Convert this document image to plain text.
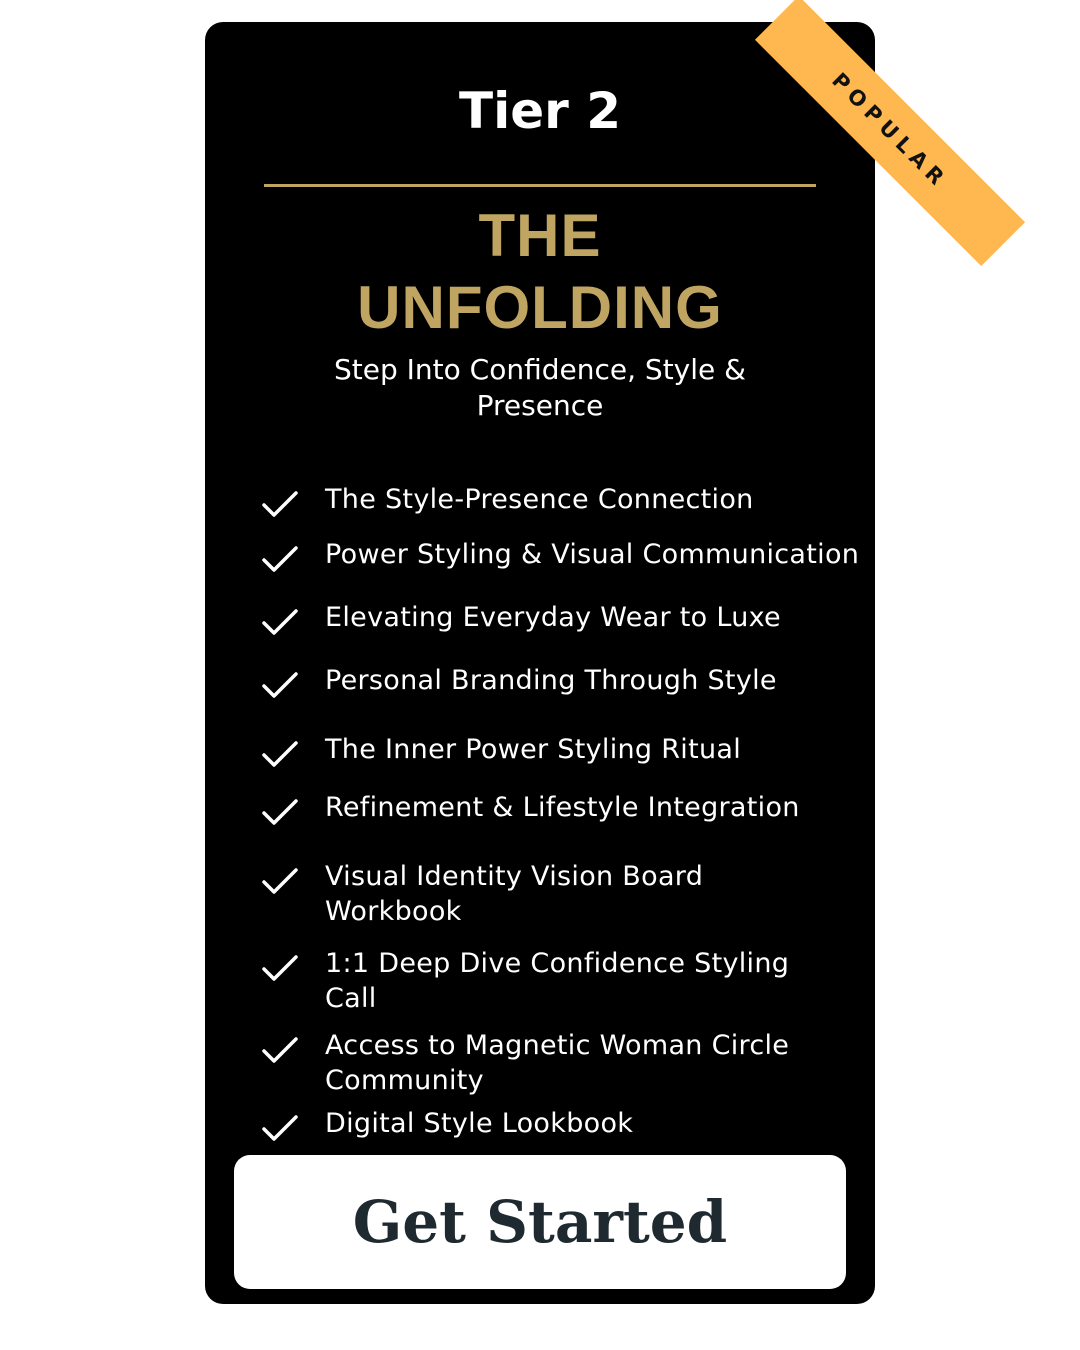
POPULAR
Tier 2
THE
UNFOLDING
Step Into Confidence, Style & Presence
The Style-Presence Connection
Power Styling & Visual Communication
Elevating Everyday Wear to Luxe
Personal Branding Through Style
The Inner Power Styling Ritual
Refinement & Lifestyle Integration
Visual Identity Vision Board Workbook
1:1 Deep Dive Confidence Styling Call
Access to Magnetic Woman Circle Community
Digital Style Lookbook
Get Started
